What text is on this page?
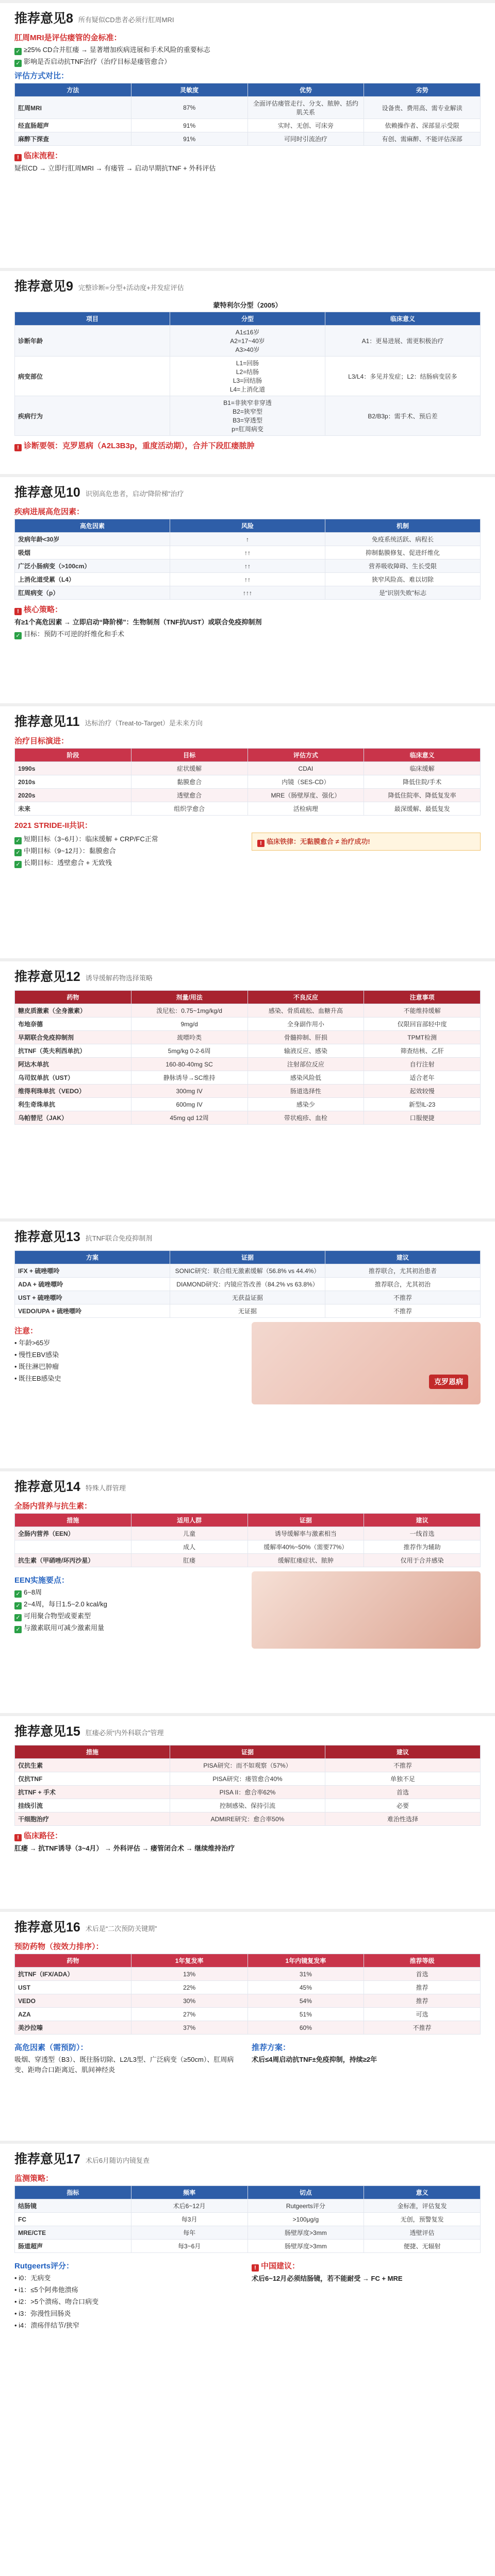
推荐意见8 所有疑似CD患者必须行肛周MRI
肛周MRI是评估瘘管的金标准：
✓ ≥25% CD合并肛瘘 → 显著增加疾病进展和手术风险的重要标志
✓ 影响是否启动抗TNF治疗（治疗目标是瘘管愈合）
评估方式对比：
方法	灵敏度	优势	劣势
肛周MRI	87%	全面评估瘘管走行、分支、脓肿、括约肌关系	设备贵、费用高、需专业解读
经直肠超声	91%	实时、无创、可床旁	依赖操作者、深部显示受限
麻醉下探查	91%	可同时引流治疗	有创、需麻醉、不能评估深部
! 临床流程：
疑似CD → 立即行肛周MRI → 有瘘管 → 启动早期抗TNF + 外科评估
推荐意见9 完整诊断=分型+活动度+并发症评估
蒙特利尔分型（2005）
项目	分型	临床意义
诊断年龄	A1≤16岁
A2=17~40岁
A3>40岁	A1：更易进展、需更积极治疗
病变部位	L1=回肠
L2=结肠
L3=回结肠
L4=上消化道	L3/L4：多见并发症；L2：结肠病变居多
疾病行为	B1=非狭窄非穿透
B2=狭窄型
B3=穿透型
p=肛周病变	B2/B3p：需手术、预后差
! 诊断要领：克罗恩病（A2L3B3p，重度活动期），合并下段肛瘘脓肿
推荐意见10 识别高危患者，启动“降阶梯”治疗
疾病进展高危因素：
高危因素	风险	机制
发病年龄<30岁	↑	免疫系统活跃、病程长
吸烟	↑↑	抑制黏膜修复、促进纤维化
广泛小肠病变（>100cm）	↑↑	营养吸收障碍、生长受限
上消化道受累（L4）	↑↑	狭窄风险高、难以切除
肛周病变（p）	↑↑↑	是“识别失败”标志
! 核心策略：
有≥1个高危因素 → 立即启动“降阶梯”：生物制剂（TNF抗/UST）或联合免疫抑制剂
✓ 目标：预防不可逆的纤维化和手术
推荐意见11 达标治疗（Treat-to-Target）是未来方向
治疗目标演进：
阶段	目标	评估方式	临床意义
1990s	症状缓解	CDAI	临床缓解
2010s	黏膜愈合	内镜（SES-CD）	降低住院/手术
2020s	透壁愈合	MRE（肠壁厚度、强化）	降低住院率、降低复发率
未来	组织学愈合	活检病理	最深缓解、最低复发
2021 STRIDE-II共识：
✓ 短期目标（3~6月）：临床缓解 + CRP/FC正常
✓ 中期目标（9~12月）：黏膜愈合
✓ 长期目标：透壁愈合 + 无致残
! 临床铁律：无黏膜愈合 ≠ 治疗成功!
推荐意见12 诱导缓解药物选择策略
药物	剂量/用法	不良反应	注意事项
糖皮质激素（全身激素）	泼尼松：0.75~1mg/kg/d	感染、骨质疏松、血糖升高	不能维持缓解
布地奈德	9mg/d	全身副作用小	仅限回盲部轻中度
早期联合免疫抑制剂	巯嘌呤类	骨髓抑制、肝损	TPMT检测
抗TNF（英夫利西单抗）	5mg/kg 0-2-6周	输液反应、感染	筛查结核、乙肝
阿达木单抗	160-80-40mg SC	注射部位反应	自行注射
乌司奴单抗（UST）	静脉诱导→SC维持	感染风险低	适合老年
维得利珠单抗（VEDO）	300mg IV	肠道选择性	起效较慢
利生奇珠单抗	600mg IV	感染少	新型IL-23
乌帕替尼（JAK）	45mg qd 12周	带状疱疹、血栓	口服便捷
推荐意见13 抗TNF联合免疫抑制剂
方案	证据	建议
IFX + 硫唑嘌呤	SONIC研究：联合组无激素缓解（56.8% vs 44.4%）	推荐联合，尤其初治患者
ADA + 硫唑嘌呤	DIAMOND研究：内镜应答改善（84.2% vs 63.8%）	推荐联合，尤其初治
UST + 硫唑嘌呤	无获益证据	不推荐
VEDO/UPA + 硫唑嘌呤	无证据	不推荐
注意：
• 年龄>65岁
• 慢性EBV感染
• 既往淋巴肿瘤
• 既往EB感染史	克罗恩病
推荐意见14 特殊人群管理
全肠内营养与抗生素：
措施	适用人群	证据	建议
全肠内营养（EEN）	儿童	诱导缓解率与激素相当	一线首选
	成人	缓解率40%~50%（需要77%）	推荐作为辅助
抗生素（甲硝唑/环丙沙星）	肛瘘	缓解肛瘘症状、脓肿	仅用于合并感染
EEN实施要点：
✓ 6~8周
✓ 2~4周，每日1.5~2.0 kcal/kg
✓ 可用聚合物型或要素型
✓ 与激素联用可减少激素用量
推荐意见15 肛瘘必须“内外科联合”管理
措施	证据	建议
仅抗生素	PISA研究：而不如观察（57%）	不推荐
仅抗TNF	PISA研究：瘘管愈合40%	单独不足
抗TNF + 手术	PISA II：愈合率62%	首选
挂线引流	控制感染、保持引流	必要
干细胞治疗	ADMIRE研究：愈合率50%	难治性选择
! 临床路径：
肛瘘 → 抗TNF诱导（3~4月） → 外科评估 → 瘘管闭合术 → 继续维持治疗
推荐意见16 术后是“二次预防关键期”
预防药物（按效力排序）：
药物	1年复发率	1年内镜复发率	推荐等级
抗TNF（IFX/ADA）	13%	31%	首选
UST	22%	45%	推荐
VEDO	30%	54%	推荐
AZA	27%	51%	可选
美沙拉嗪	37%	60%	不推荐
高危因素（需预防）：
吸烟、穿透型（B3）、既往肠切除、L2/L3型、广泛病变（≥50cm）、肛周病变、距吻合口距离近、肌间神经炎
推荐方案：
术后≤4周启动抗TNF±免疫抑制，持续≥2年
推荐意见17 术后6月随访内镜复查
监测策略：
指标	频率	切点	意义
结肠镜	术后6~12月	Rutgeerts评分	金标准，评估复发
FC	每3月	>100μg/g	无创，预警复发
MRE/CTE	每年	肠壁厚度>3mm	透壁评估
肠道超声	每3~6月	肠壁厚度>3mm	便捷、无辐射
Rutgeerts评分：
• i0：无病变
• i1：≤5个阿弗他溃疡
• i2：>5个溃疡、吻合口病变
• i3：弥漫性回肠炎
• i4：溃疡伴结节/狭窄
! 中国建议：
术后6~12月必须结肠镜，若不能耐受 → FC + MRE
